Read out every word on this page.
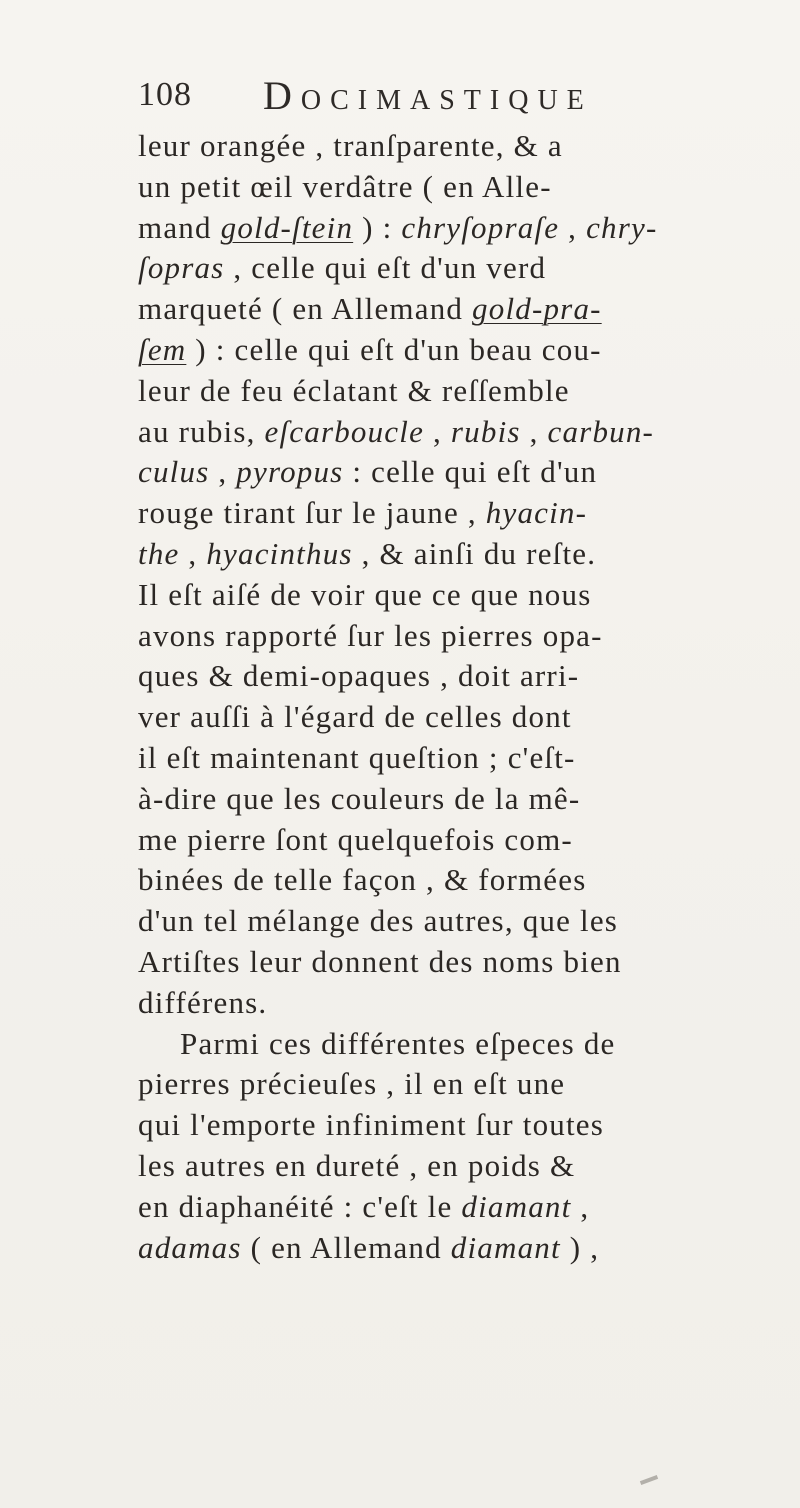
108 Docimastique
leur orangée , tranſparente, & a
un petit œil verdâtre ( en Alle-
mand gold-ſtein ) : chryſopraſe , chry-
ſopras , celle qui eſt d'un verd
marqueté ( en Allemand gold-pra-
ſem ) : celle qui eſt d'un beau cou-
leur de feu éclatant & reſſemble
au rubis, eſcarboucle , rubis , carbun-
culus , pyropus : celle qui eſt d'un
rouge tirant ſur le jaune , hyacin-
the , hyacinthus , & ainſi du reſte.
Il eſt aiſé de voir que ce que nous
avons rapporté ſur les pierres opa-
ques & demi-opaques , doit arri-
ver auſſi à l'égard de celles dont
il eſt maintenant queſtion ; c'eſt-
à-dire que les couleurs de la mê-
me pierre ſont quelquefois com-
binées de telle façon , & formées
d'un tel mélange des autres, que les
Artiſtes leur donnent des noms bien
différens.
Parmi ces différentes eſpeces de
pierres précieuſes , il en eſt une
qui l'emporte infiniment ſur toutes
les autres en dureté , en poids &
en diaphanéité : c'eſt le diamant ,
adamas ( en Allemand diamant ) ,
